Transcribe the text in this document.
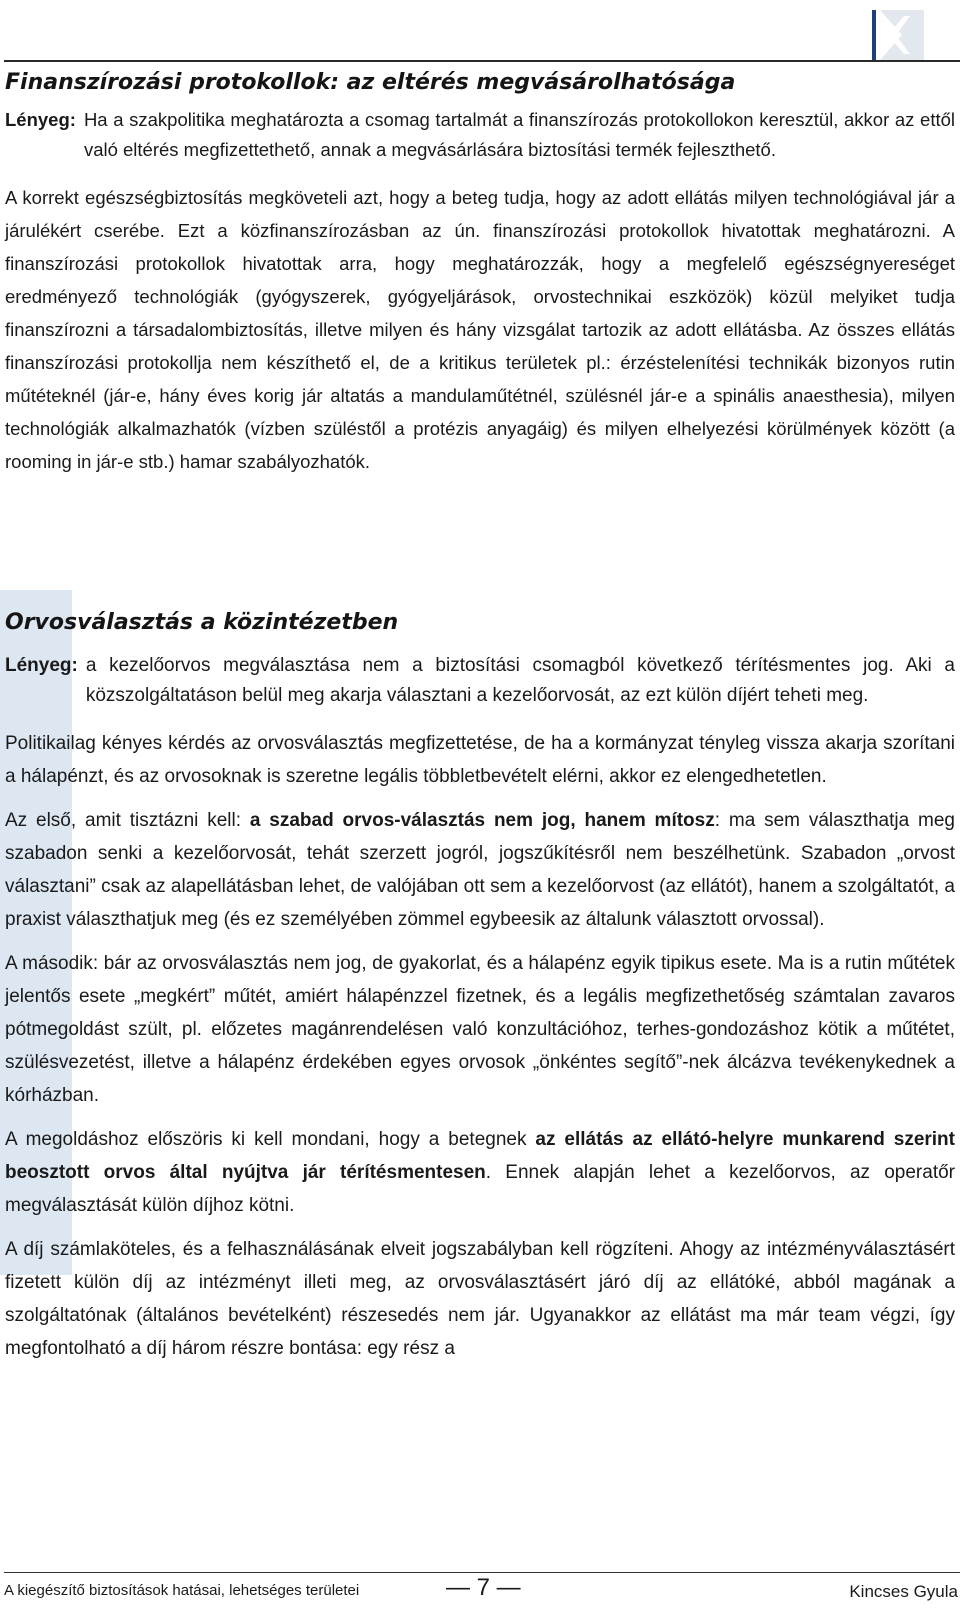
Finanszírozási protokollok: az eltérés megvásárolhatósága
Lényeg: Ha a szakpolitika meghatározta a csomag tartalmát a finanszírozás protokollokon keresztül, akkor az ettől való eltérés megfizettethető, annak a megvásárlására biztosítási termék fejleszthető.

A korrekt egészségbiztosítás megköveteli azt, hogy a beteg tudja, hogy az adott ellátás milyen technológiával jár a járulékért cserébe. Ezt a közfinanszírozásban az ún. finanszírozási protokollok hivatottak meghatározni. A finanszírozási protokollok hivatottak arra, hogy meghatározzák, hogy a megfelelő egészségnyereséget eredményező technológiák (gyógyszerek, gyógyeljárások, orvostechnikai eszközök) közül melyiket tudja finanszírozni a társadalombiztosítás, illetve milyen és hány vizsgálat tartozik az adott ellátásba. Az összes ellátás finanszírozási protokollja nem készíthető el, de a kritikus területek pl.: érzéstelenítési technikák bizonyos rutin műtéteknél (jár-e, hány éves korig jár altatás a mandulaműtétnél, szülésnél jár-e a spinális anaesthesia), milyen technológiák alkalmazhatók (vízben szüléstől a protézis anyagáig) és milyen elhelyezési körülmények között (a rooming in jár-e stb.) hamar szabályozhatók.

Orvosválasztás a közintézetben
Lényeg: a kezelőorvos megválasztása nem a biztosítási csomagból következő térítésmentes jog. Aki a közszolgáltatáson belül meg akarja választani a kezelőorvosát, az ezt külön díjért teheti meg.

Politikailag kényes kérdés az orvosválasztás megfizettetése, de ha a kormányzat tényleg vissza akarja szorítani a hálapénzt, és az orvosoknak is szeretne legális többletbevételt elérni, akkor ez elengedhetetlen.

Az első, amit tisztázni kell: a szabad orvos-választás nem jog, hanem mítosz: ma sem választhatja meg szabadon senki a kezelőorvosát, tehát szerzett jogról, jogszűkítésről nem beszélhetünk. Szabadon „orvost választani” csak az alapellátásban lehet, de valójában ott sem a kezelőorvost (az ellátót), hanem a szolgáltatót, a praxist választhatjuk meg (és ez személyében zömmel egybeesik az általunk választott orvossal).

A második: bár az orvosválasztás nem jog, de gyakorlat, és a hálapénz egyik tipikus esete. Ma is a rutin műtétek jelentős esete „megkért” műtét, amiért hálapénzzel fizetnek, és a legális megfizethetőség számtalan zavaros pótmegoldást szült, pl. előzetes magánrendelésen való konzultációhoz, terhes-gondozáshoz kötik a műtétet, szülésvezetést, illetve a hálapénz érdekében egyes orvosok „önkéntes segítő”-nek álcázva tevékenykednek a kórházban.

A megoldáshoz előszöris ki kell mondani, hogy a betegnek az ellátás az ellátó-helyre munkarend szerint beosztott orvos által nyújtva jár térítésmentesen. Ennek alapján lehet a kezelőorvos, az operatőr megválasztását külön díjhoz kötni.

A díj számlaköteles, és a felhasználásának elveit jogszabályban kell rögzíteni. Ahogy az intézményválasztásért fizetett külön díj az intézményt illeti meg, az orvosválasztásért járó díj az ellátóké, abból magának a szolgáltatónak (általános bevételként) részesedés nem jár. Ugyanakkor az ellátást ma már team végzi, így megfontolható a díj három részre bontása: egy rész a

A kiegészítő biztosítások hatásai, lehetséges területei	— 7 —	Kincses Gyula
